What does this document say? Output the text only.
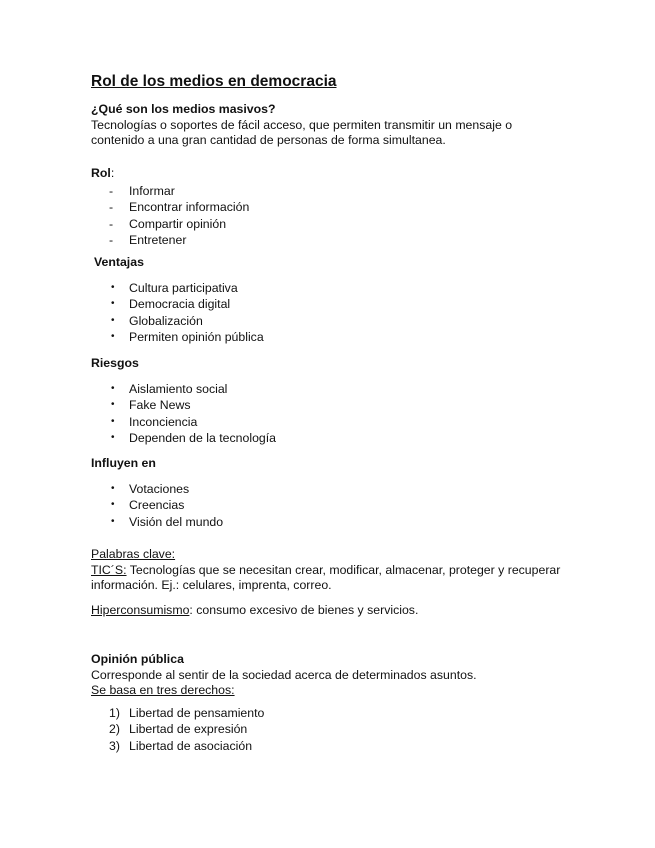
Rol de los medios en democracia

¿Qué son los medios masivos?

Tecnologías o soportes de fácil acceso, que permiten transmitir un mensaje o contenido a una gran cantidad de personas de forma simultanea.

Rol:

- Informar
- Encontrar información
- Compartir opinión
- Entretener

Ventajas

• Cultura participativa
• Democracia digital
• Globalización
• Permiten opinión pública

Riesgos

• Aislamiento social
• Fake News
• Inconciencia
• Dependen de la tecnología

Influyen en

• Votaciones
• Creencias
• Visión del mundo

Palabras clave:

TIC´S: Tecnologías que se necesitan crear, modificar, almacenar, proteger y recuperar información. Ej.: celulares, imprenta, correo.

Hiperconsumismo: consumo excesivo de bienes y servicios.

Opinión pública

Corresponde al sentir de la sociedad acerca de determinados asuntos.

Se basa en tres derechos:

1) Libertad de pensamiento
2) Libertad de expresión
3) Libertad de asociación
